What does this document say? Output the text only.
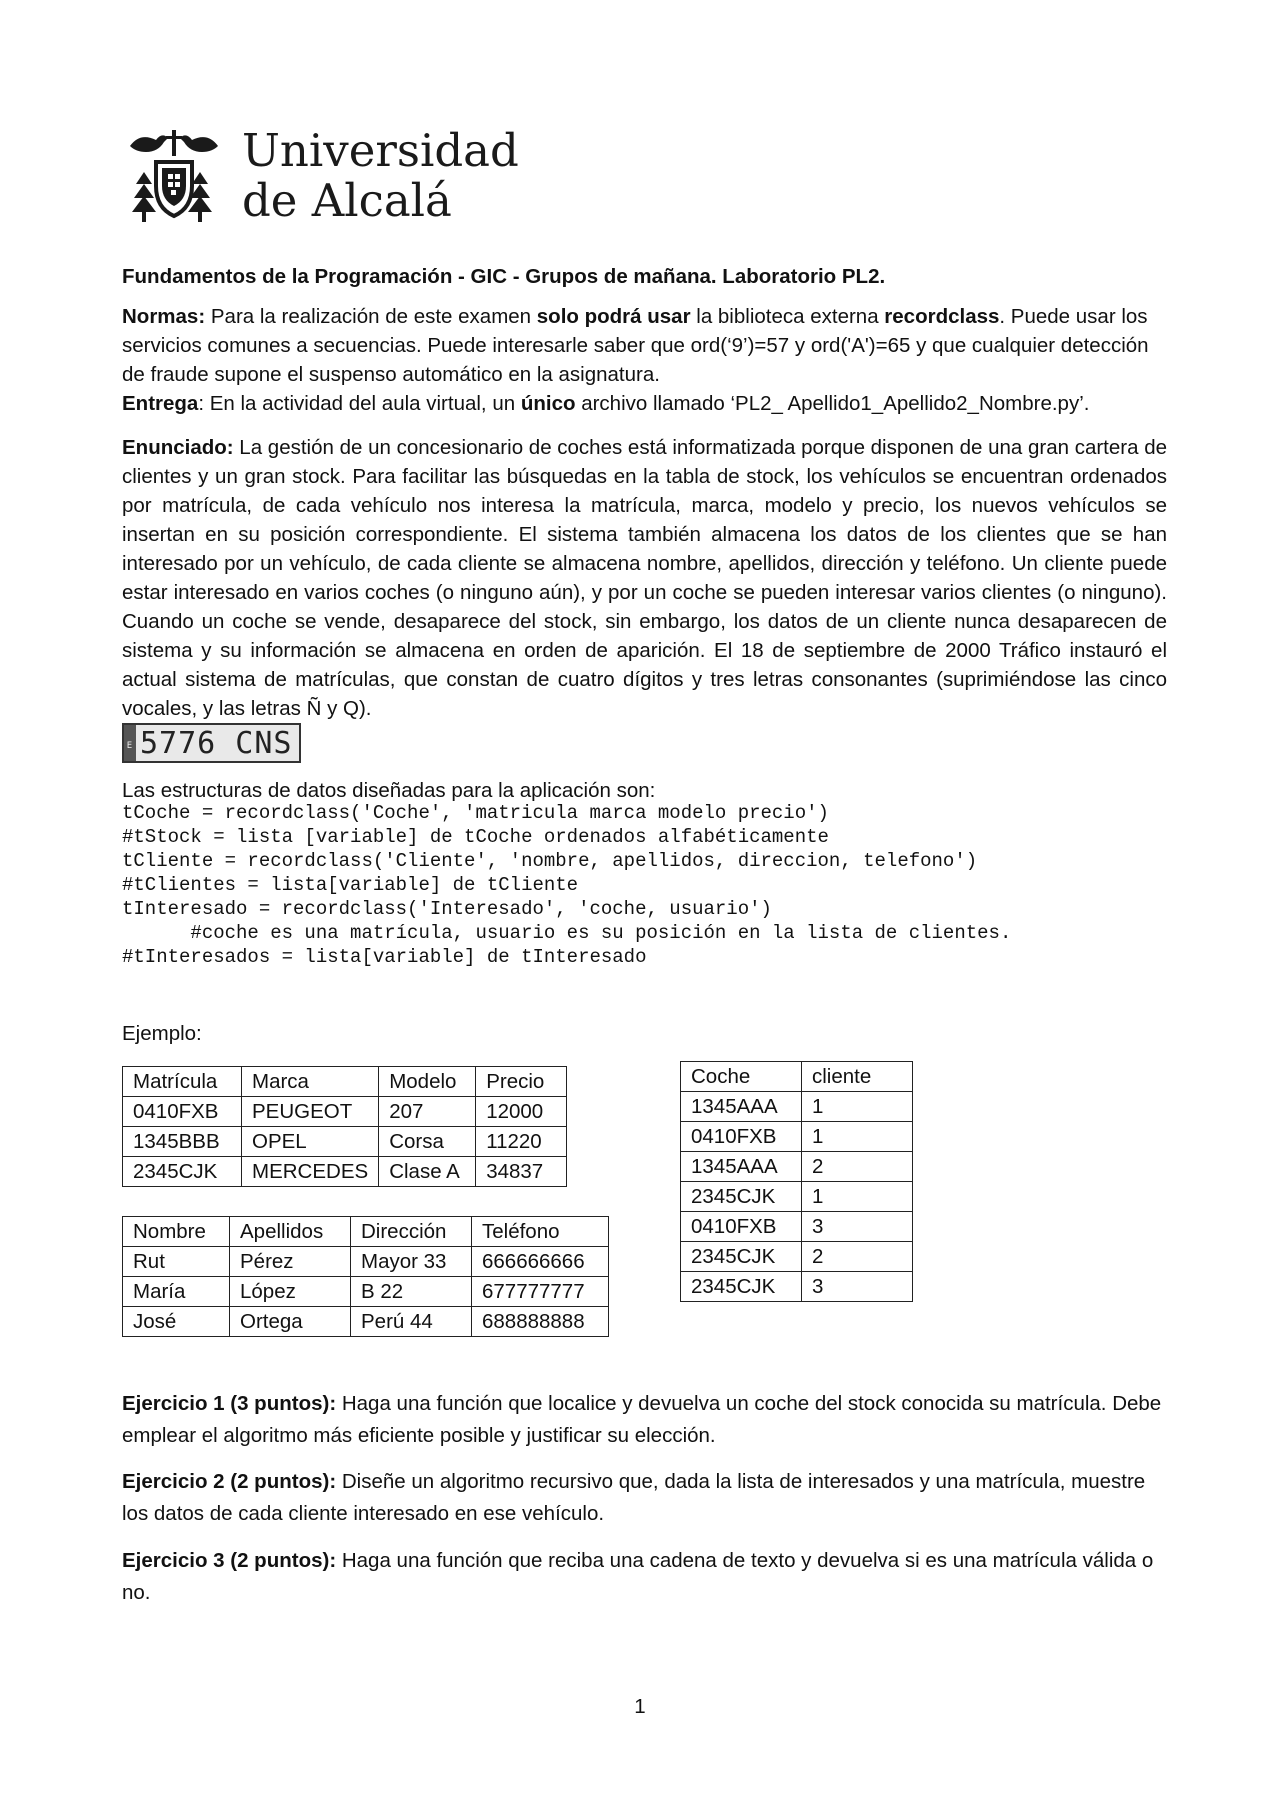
Universidad
de Alcalá
Fundamentos de la Programación - GIC - Grupos de mañana. Laboratorio PL2.
Normas: Para la realización de este examen solo podrá usar la biblioteca externa recordclass. Puede usar los servicios comunes a secuencias. Puede interesarle saber que ord(‘9’)=57 y ord('A')=65 y que cualquier detección de fraude supone el suspenso automático en la asignatura.
Entrega: En la actividad del aula virtual, un único archivo llamado ‘PL2_ Apellido1_Apellido2_Nombre.py’.
Enunciado: La gestión de un concesionario de coches está informatizada porque disponen de una gran cartera de clientes y un gran stock. Para facilitar las búsquedas en la tabla de stock, los vehículos se encuentran ordenados por matrícula, de cada vehículo nos interesa la matrícula, marca, modelo y precio, los nuevos vehículos se insertan en su posición correspondiente. El sistema también almacena los datos de los clientes que se han interesado por un vehículo, de cada cliente se almacena nombre, apellidos, dirección y teléfono. Un cliente puede estar interesado en varios coches (o ninguno aún), y por un coche se pueden interesar varios clientes (o ninguno). Cuando un coche se vende, desaparece del stock, sin embargo, los datos de un cliente nunca desaparecen de sistema y su información se almacena en orden de aparición. El 18 de septiembre de 2000 Tráfico instauró el actual sistema de matrículas, que constan de cuatro dígitos y tres letras consonantes (suprimiéndose las cinco vocales, y las letras Ñ y Q).
E 5776 CNS
Las estructuras de datos diseñadas para la aplicación son:
tCoche = recordclass('Coche', 'matricula marca modelo precio')
#tStock = lista [variable] de tCoche ordenados alfabéticamente
tCliente = recordclass('Cliente', 'nombre, apellidos, direccion, telefono')
#tClientes = lista[variable] de tCliente
tInteresado = recordclass('Interesado', 'coche, usuario')
#coche es una matrícula, usuario es su posición en la lista de clientes.
#tInteresados = lista[variable] de tInteresado
Ejemplo:
Matrícula	Marca	Modelo	Precio
0410FXB	PEUGEOT	207	12000
1345BBB	OPEL	Corsa	11220
2345CJK	MERCEDES	Clase A	34837
Nombre	Apellidos	Dirección	Teléfono
Rut	Pérez	Mayor 33	666666666
María	López	B 22	677777777
José	Ortega	Perú 44	688888888
Coche	cliente
1345AAA	1
0410FXB	1
1345AAA	2
2345CJK	1
0410FXB	3
2345CJK	2
2345CJK	3
Ejercicio 1 (3 puntos): Haga una función que localice y devuelva un coche del stock conocida su matrícula. Debe emplear el algoritmo más eficiente posible y justificar su elección.
Ejercicio 2 (2 puntos): Diseñe un algoritmo recursivo que, dada la lista de interesados y una matrícula, muestre los datos de cada cliente interesado en ese vehículo.
Ejercicio 3 (2 puntos): Haga una función que reciba una cadena de texto y devuelva si es una matrícula válida o no.
1
